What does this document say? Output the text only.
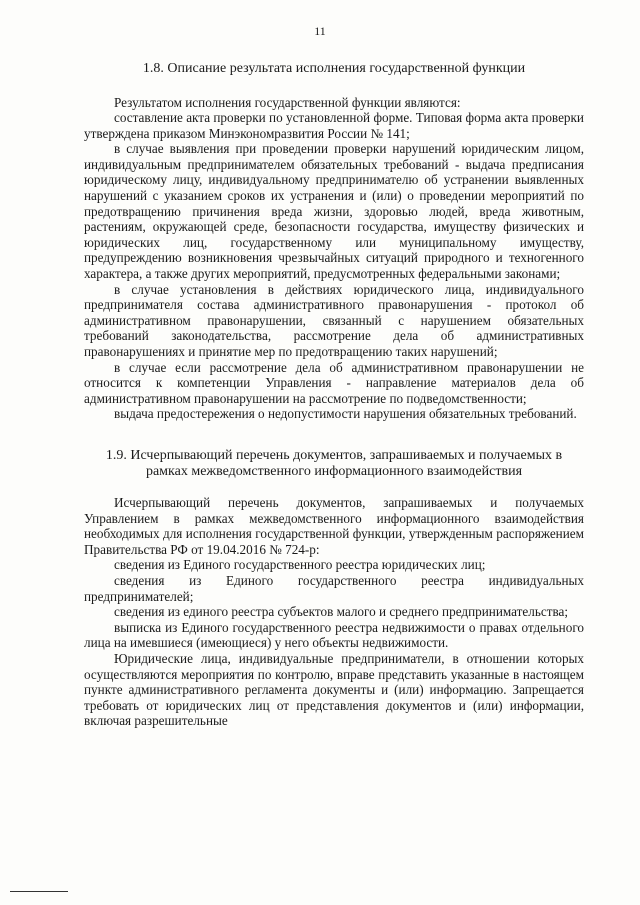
11
1.8. Описание результата исполнения государственной функции

Результатом исполнения государственной функции являются:

составление акта проверки по установленной форме. Типовая форма акта проверки утверждена приказом Минэкономразвития России № 141;

в случае выявления при проведении проверки нарушений юридическим лицом, индивидуальным предпринимателем обязательных требований - выдача предписания юридическому лицу, индивидуальному предпринимателю об устранении выявленных нарушений с указанием сроков их устранения и (или) о проведении мероприятий по предотвращению причинения вреда жизни, здоровью людей, вреда животным, растениям, окружающей среде, безопасности государства, имуществу физических и юридических лиц, государственному или муниципальному имуществу, предупреждению возникновения чрезвычайных ситуаций природного и техногенного характера, а также других мероприятий, предусмотренных федеральными законами;

в случае установления в действиях юридического лица, индивидуального предпринимателя состава административного правонарушения - протокол об административном правонарушении, связанный с нарушением обязательных требований законодательства, рассмотрение дела об административных правонарушениях и принятие мер по предотвращению таких нарушений;

в случае если рассмотрение дела об административном правонарушении не относится к компетенции Управления - направление материалов дела об административном правонарушении на рассмотрение по подведомственности;

выдача предостережения о недопустимости нарушения обязательных требований.

1.9. Исчерпывающий перечень документов, запрашиваемых и получаемых в рамках межведомственного информационного взаимодействия

Исчерпывающий перечень документов, запрашиваемых и получаемых Управлением в рамках межведомственного информационного взаимодействия необходимых для исполнения государственной функции, утвержденным распоряжением Правительства РФ от 19.04.2016 № 724-р:

сведения из Единого государственного реестра юридических лиц;

сведения из Единого государственного реестра индивидуальных предпринимателей;

сведения из единого реестра субъектов малого и среднего предпринимательства;

выписка из Единого государственного реестра недвижимости о правах отдельного лица на имевшиеся (имеющиеся) у него объекты недвижимости.

Юридические лица, индивидуальные предприниматели, в отношении которых осуществляются мероприятия по контролю, вправе представить указанные в настоящем пункте административного регламента документы и (или) информацию. Запрещается требовать от юридических лиц от представления документов и (или) информации, включая разрешительные
